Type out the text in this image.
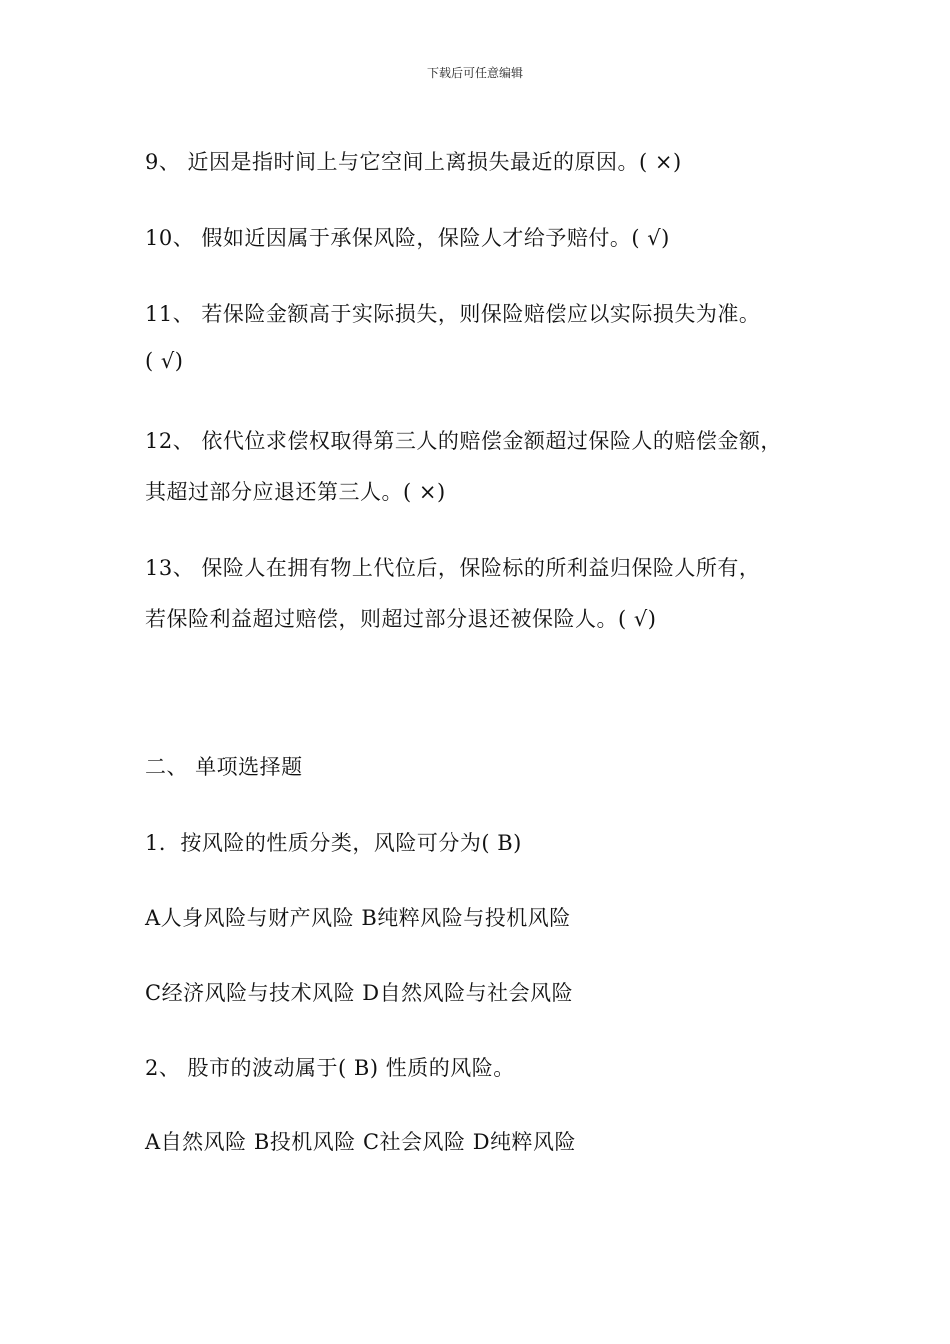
下载后可任意编辑
9、 近因是指时间上与它空间上离损失最近的原因。( ×)
10、 假如近因属于承保风险，保险人才给予赔付。( √)
11、 若保险金额高于实际损失，则保险赔偿应以实际损失为准。
( √)
12、 依代位求偿权取得第三人的赔偿金额超过保险人的赔偿金额，
其超过部分应退还第三人。( ×)
13、 保险人在拥有物上代位后，保险标的所利益归保险人所有，
若保险利益超过赔偿，则超过部分退还被保险人。( √)
二、 单项选择题
1．按风险的性质分类，风险可分为( B)
A人身风险与财产风险 B纯粹风险与投机风险
C经济风险与技术风险 D自然风险与社会风险
2、 股市的波动属于( B) 性质的风险。
A自然风险 B投机风险 C社会风险 D纯粹风险
